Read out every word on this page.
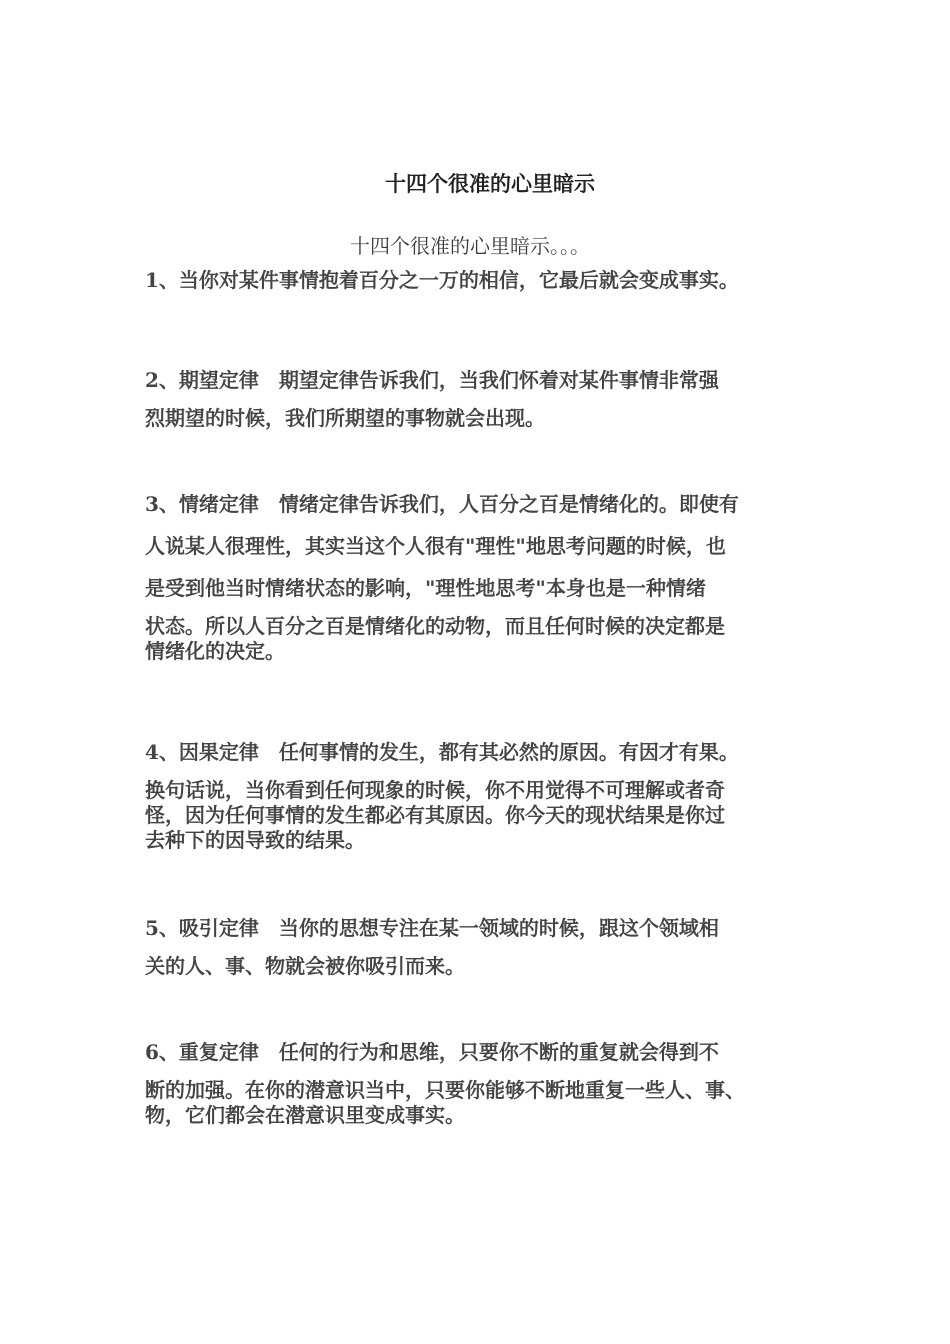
十四个很准的心里暗示

十四个很准的心里暗示。。。

1、当你对某件事情抱着百分之一万的相信，它最后就会变成事实。

2、期望定律　期望定律告诉我们，当我们怀着对某件事情非常强
烈期望的时候，我们所期望的事物就会出现。

3、情绪定律　情绪定律告诉我们，人百分之百是情绪化的。即使有
人说某人很理性，其实当这个人很有"理性"地思考问题的时候，也
是受到他当时情绪状态的影响，"理性地思考"本身也是一种情绪
状态。所以人百分之百是情绪化的动物，而且任何时候的决定都是
情绪化的决定。

4、因果定律　任何事情的发生，都有其必然的原因。有因才有果。
换句话说，当你看到任何现象的时候，你不用觉得不可理解或者奇
怪，因为任何事情的发生都必有其原因。你今天的现状结果是你过
去种下的因导致的结果。

5、吸引定律　当你的思想专注在某一领域的时候，跟这个领域相
关的人、事、物就会被你吸引而来。

6、重复定律　任何的行为和思维，只要你不断的重复就会得到不
断的加强。在你的潜意识当中，只要你能够不断地重复一些人、事、
物，它们都会在潜意识里变成事实。
